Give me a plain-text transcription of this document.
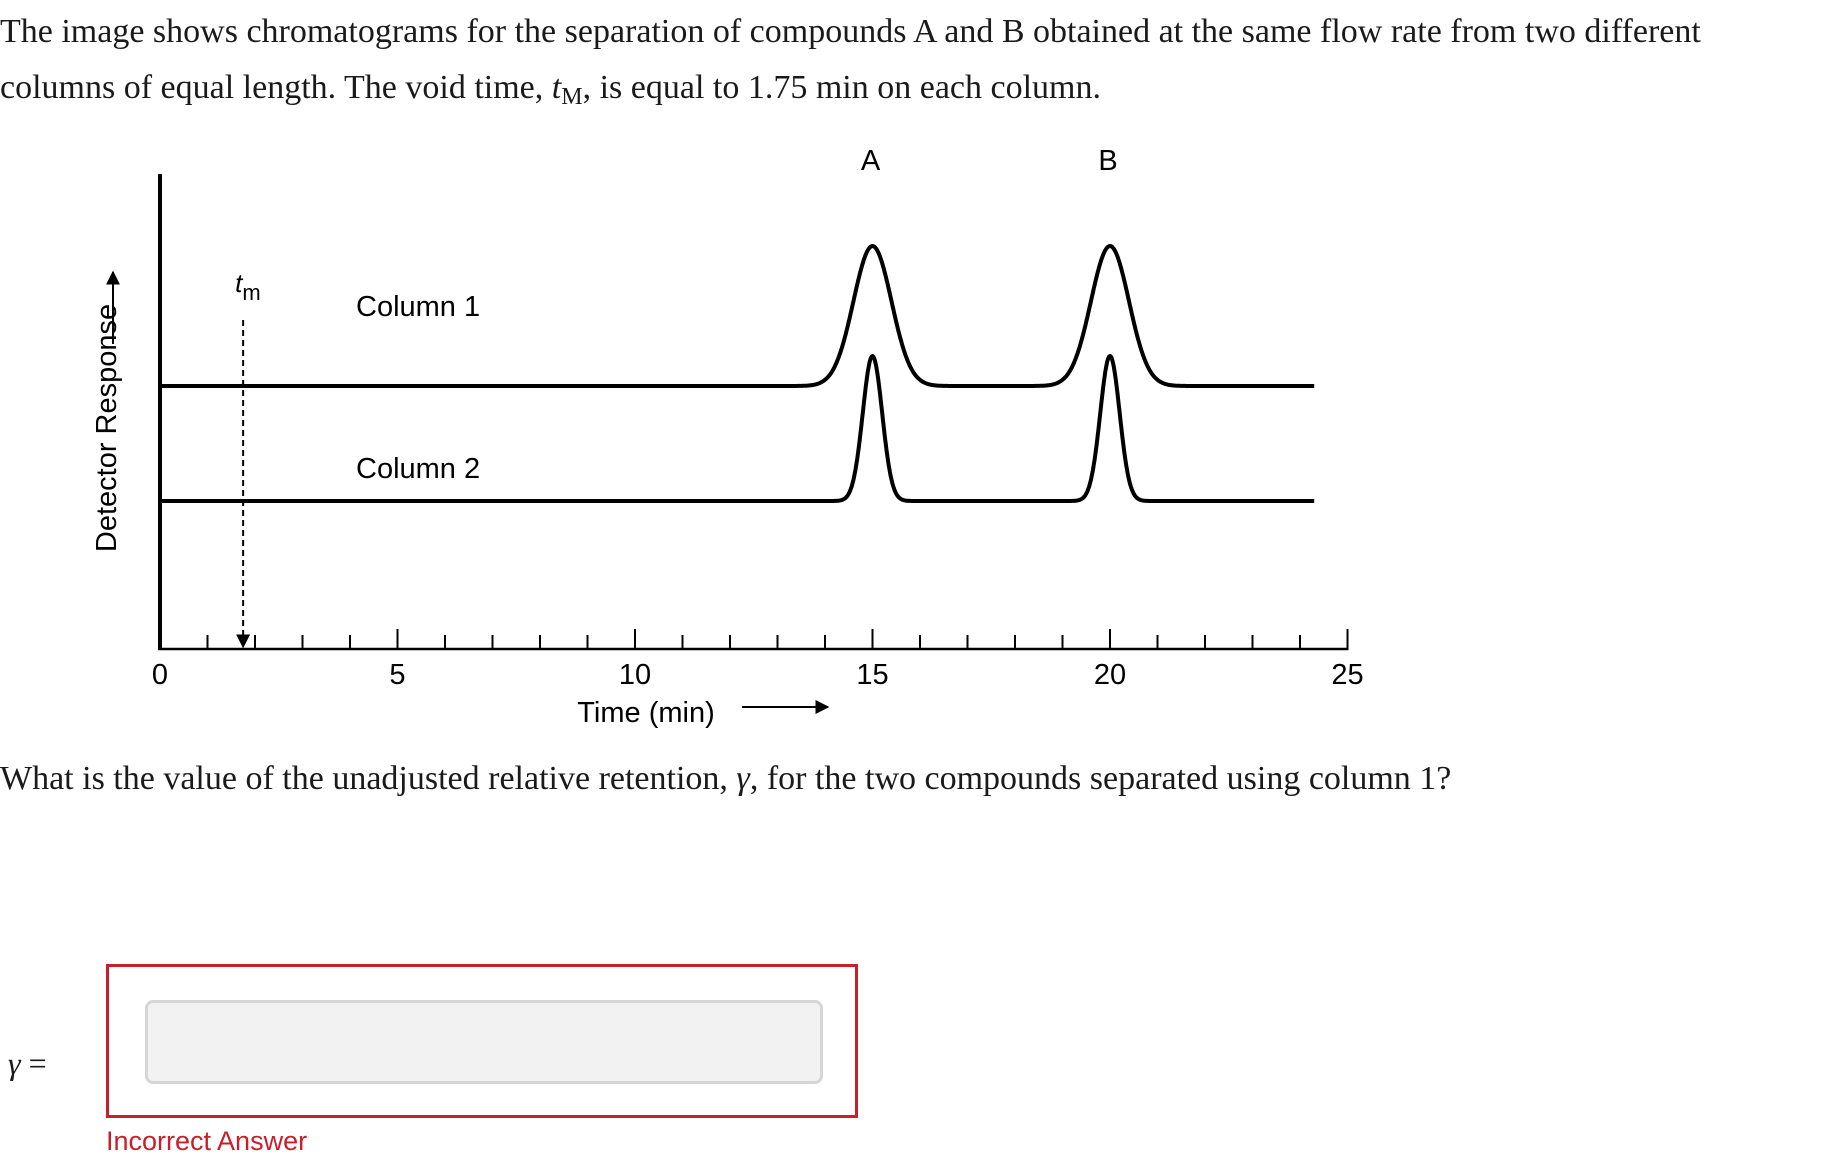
The image shows chromatograms for the separation of compounds A and B obtained at the same flow rate from two different columns of equal length. The void time, $t_M$, is equal to 1.75 min on each column.

0	5	10	15	20	25
$t_m$
A	B
Column 1
Column 2
Time (min)
Detector Response

What is the value of the unadjusted relative retention, γ, for the two compounds separated using column 1?

γ =
Incorrect Answer
